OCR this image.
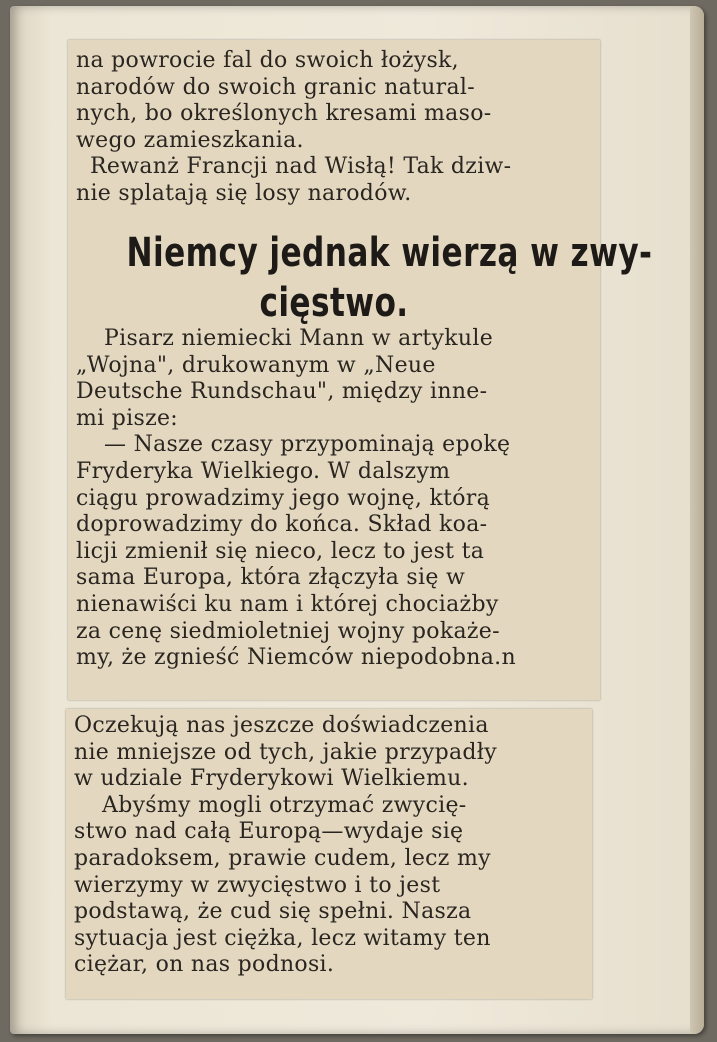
na powrocie fal do swoich łożysk,
narodów do swoich granic natural-
nych, bo określonych kresami maso-
wego zamieszkania.
Rewanż Francji nad Wisłą! Tak dziw-
nie splatają się losy narodów.
Niemcy jednak wierzą w zwy-
cięstwo.
Pisarz niemiecki Mann w artykule
„Wojna", drukowanym w „Neue
Deutsche Rundschau", między inne-
mi pisze:
— Nasze czasy przypominają epokę
Fryderyka Wielkiego. W dalszym
ciągu prowadzimy jego wojnę, którą
doprowadzimy do końca. Skład koa-
licji zmienił się nieco, lecz to jest ta
sama Europa, która złączyła się w
nienawiści ku nam i której chociażby
za cenę siedmioletniej wojny pokaże-
my, że zgnieść Niemców niepodobna.n
Oczekują nas jeszcze doświadczenia
nie mniejsze od tych, jakie przypadły
w udziale Fryderykowi Wielkiemu.
Abyśmy mogli otrzymać zwycię-
stwo nad całą Europą—wydaje się
paradoksem, prawie cudem, lecz my
wierzymy w zwycięstwo i to jest
podstawą, że cud się spełni. Nasza
sytuacja jest ciężka, lecz witamy ten
ciężar, on nas podnosi.
